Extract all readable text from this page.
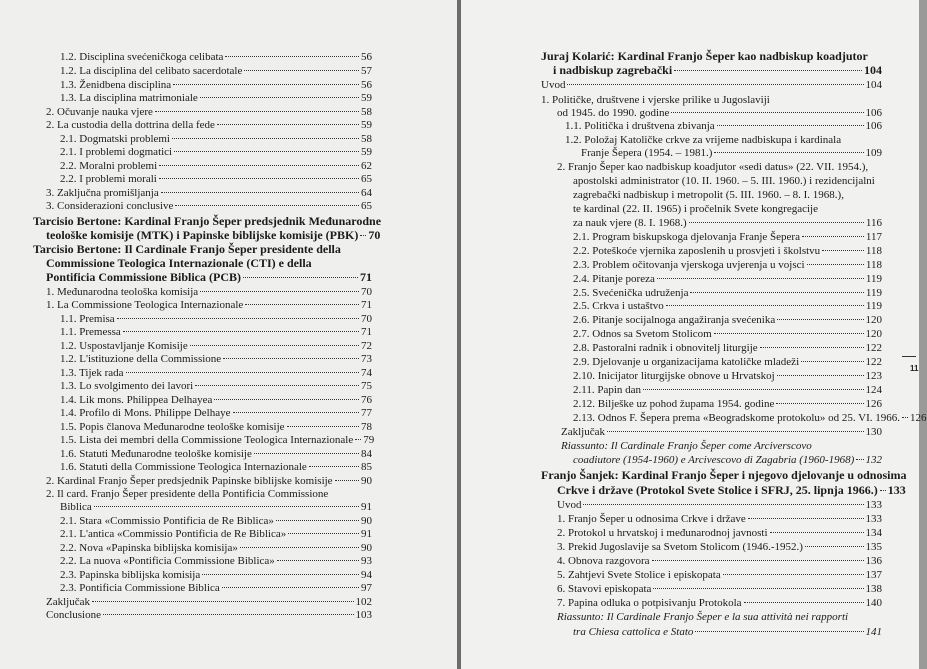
1.2. Disciplina svećeničkoga celibata	56
1.2. La disciplina del celibato sacerdotale	57
1.3. Ženidbena disciplina	56
1.3. La disciplina matrimoniale	59
2. Očuvanje nauka vjere	58
2. La custodia della dottrina della fede	59
2.1. Dogmatski problemi	58
2.1. I problemi dogmatici	59
2.2. Moralni problemi	62
2.2. I problemi morali	65
3. Zaključna promišljanja	64
3. Considerazioni conclusive	65
Tarcisio Bertone: Kardinal Franjo Šeper predsjednik Međunarodne
teološke komisije (MTK) i Papinske biblijske komisije (PBK) 70
Tarcisio Bertone: Il Cardinale Franjo Šeper presidente della
Commissione Teologica Internazionale (CTI) e della
Pontificia Commissione Biblica (PCB)	71
1. Međunarodna teološka komisija	70
1. La Commissione Teologica Internazionale	71
1.1. Premisa	70
1.1. Premessa	71
1.2. Uspostavljanje Komisije	72
1.2. L'istituzione della Commissione	73
1.3. Tijek rada	74
1.3. Lo svolgimento dei lavori	75
1.4. Lik mons. Philippea Delhayea	76
1.4. Profilo di Mons. Philippe Delhaye	77
1.5. Popis članova Međunarodne teološke komisije	78
1.5. Lista dei membri della Commissione Teologica Internazionale 79
1.6. Statuti Međunarodne teološke komisije	84
1.6. Statuti della Commissione Teologica Internazionale	85
2. Kardinal Franjo Šeper predsjednik Papinske biblijske komisije	90
2. Il card. Franjo Šeper presidente della Pontificia Commissione
Biblica	91
2.1. Stara «Commissio Pontificia de Re Biblica»	90
2.1. L'antica «Commissio Pontificia de Re Biblica»	91
2.2. Nova «Papinska biblijska komisija»	90
2.2. La nuova «Pontificia Commissione Biblica»	93
2.3. Papinska biblijska komisija	94
2.3. Pontificia Commissione Biblica	97
Zaključak	102
Conclusione	103
Juraj Kolarić: Kardinal Franjo Šeper kao nadbiskup koadjutor
i nadbiskup zagrebački	104
Uvod	104
1. Političke, društvene i vjerske prilike u Jugoslaviji
od 1945. do 1990. godine	106
1.1. Politička i društvena zbivanja	106
1.2. Položaj Katoličke crkve za vrijeme nadbiskupa i kardinala
Franje Šepera (1954. – 1981.)	109
2. Franjo Šeper kao nadbiskup koadjutor «sedi datus» (22. VII. 1954.),
apostolski administrator (10. II. 1960. – 5. III. 1960.) i rezidencijalni
zagrebački nadbiskup i metropolit (5. III. 1960. – 8. I. 1968.),
te kardinal (22. II. 1965) i pročelnik Svete kongregacije
za nauk vjere (8. I. 1968.)	116
2.1. Program biskupskoga djelovanja Franje Šepera	117
2.2. Poteškoće vjernika zaposlenih u prosvjeti i školstvu	118
2.3. Problem očitovanja vjerskoga uvjerenja u vojsci	118
2.4. Pitanje poreza	119
2.5. Svećenička udruženja	119
2.5. Crkva i ustaštvo	119
2.6. Pitanje socijalnoga angažiranja svećenika	120
2.7. Odnos sa Svetom Stolicom	120
2.8. Pastoralni radnik i obnovitelj liturgije	122
2.9. Djelovanje u organizacijama katoličke mladeži	122
2.10. Inicijator liturgijske obnove u Hrvatskoj	123
2.11. Papin dan	124
2.12. Bilješke uz pohod župama 1954. godine	126
2.13. Odnos F. Šepera prema «Beogradskome protokolu» od 25. VI. 1966. 126
Zaključak	130
Riassunto: Il Cardinale Franjo Šeper come Arciverscovo
coadiutore (1954-1960) e Arcivescovo di Zagabria (1960-1968) 132
Franjo Šanjek: Kardinal Franjo Šeper i njegovo djelovanje u odnosima
Crkve i države (Protokol Svete Stolice i SFRJ, 25. lipnja 1966.) 133
Uvod	133
1. Franjo Šeper u odnosima Crkve i države	133
2. Protokol u hrvatskoj i međunarodnoj javnosti	134
3. Prekid Jugoslavije sa Svetom Stolicom (1946.-1952.)	135
4. Obnova razgovora	136
5. Zahtjevi Svete Stolice i episkopata	137
6. Stavovi episkopata	138
7. Papina odluka o potpisivanju Protokola	140
Riassunto: Il Cardinale Franjo Šeper e la sua attività nei rapporti
tra Chiesa cattolica e Stato	141
11
